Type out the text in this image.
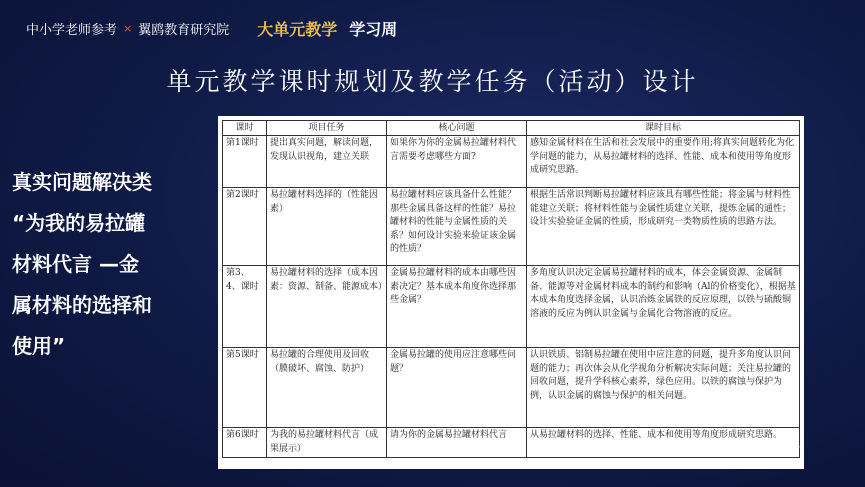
中小学老师参考 × 翼鸥教育研究院 大单元教学 学习周
单元教学课时规划及教学任务（活动）设计
真实问题解决类
“为我的易拉罐
材料代言 —金
属材料的选择和
使用”
课时	项目任务	核心问题	课时目标
第1课时	提出真实问题，解读问题，发现认识视角，建立关联	如果你为你的金属易拉罐材料代言需要考虑哪些方面?	感知金属材料在生活和社会发展中的重要作用;将真实问题转化为化学问题的能力，从易拉罐材料的选择、性能、成本和使用等角度形成研究思路。
第2课时	易拉罐材料选择的（性能因素）	易拉罐材料应该具备什么性能？那些金属具备这样的性能？易拉罐材料的性能与金属性质的关系？如何设计实验来验证该金属的性质？	根据生活常识判断易拉罐材料应该具有哪些性能；将金属与材料性能建立关联；将材料性能与金属性质建立关联，提炼金属的通性；设计实验验证金属的性质，形成研究一类物质性质的思路方法。
第3、4、课时	易拉罐材料的选择（成本因素：资源、制备、能源成本）	金属易拉罐材料的成本由哪些因素决定？基本成本角度你选择那些金属？	多角度认识决定金属易拉罐材料的成本，体会金属资源、金属制备、能源等对金属材料成本的制约和影响（Al的价格变化），根据基本成本角度选择金属，认识冶炼金属铁的反应原理，以铁与硫酸铜溶液的反应为例认识金属与金属化合物溶液的反应。
第5课时	易拉罐的合理使用及回收（膜破坏、腐蚀、防护）	金属易拉罐的使用应注意哪些问题？	认识铁质、铝制易拉罐在使用中应注意的问题，提升多角度认识问题的能力；再次体会从化学视角分析解决实际问题；关注易拉罐的回收问题，提升学科核心素养，绿色应用。以铁的腐蚀与保护为例，认识金属的腐蚀与保护的相关问题。
第6课时	为我的易拉罐材料代言（成果展示）	请为你的金属易拉罐材料代言	从易拉罐材料的选择、性能、成本和使用等角度形成研究思路。
中小学老师参考
